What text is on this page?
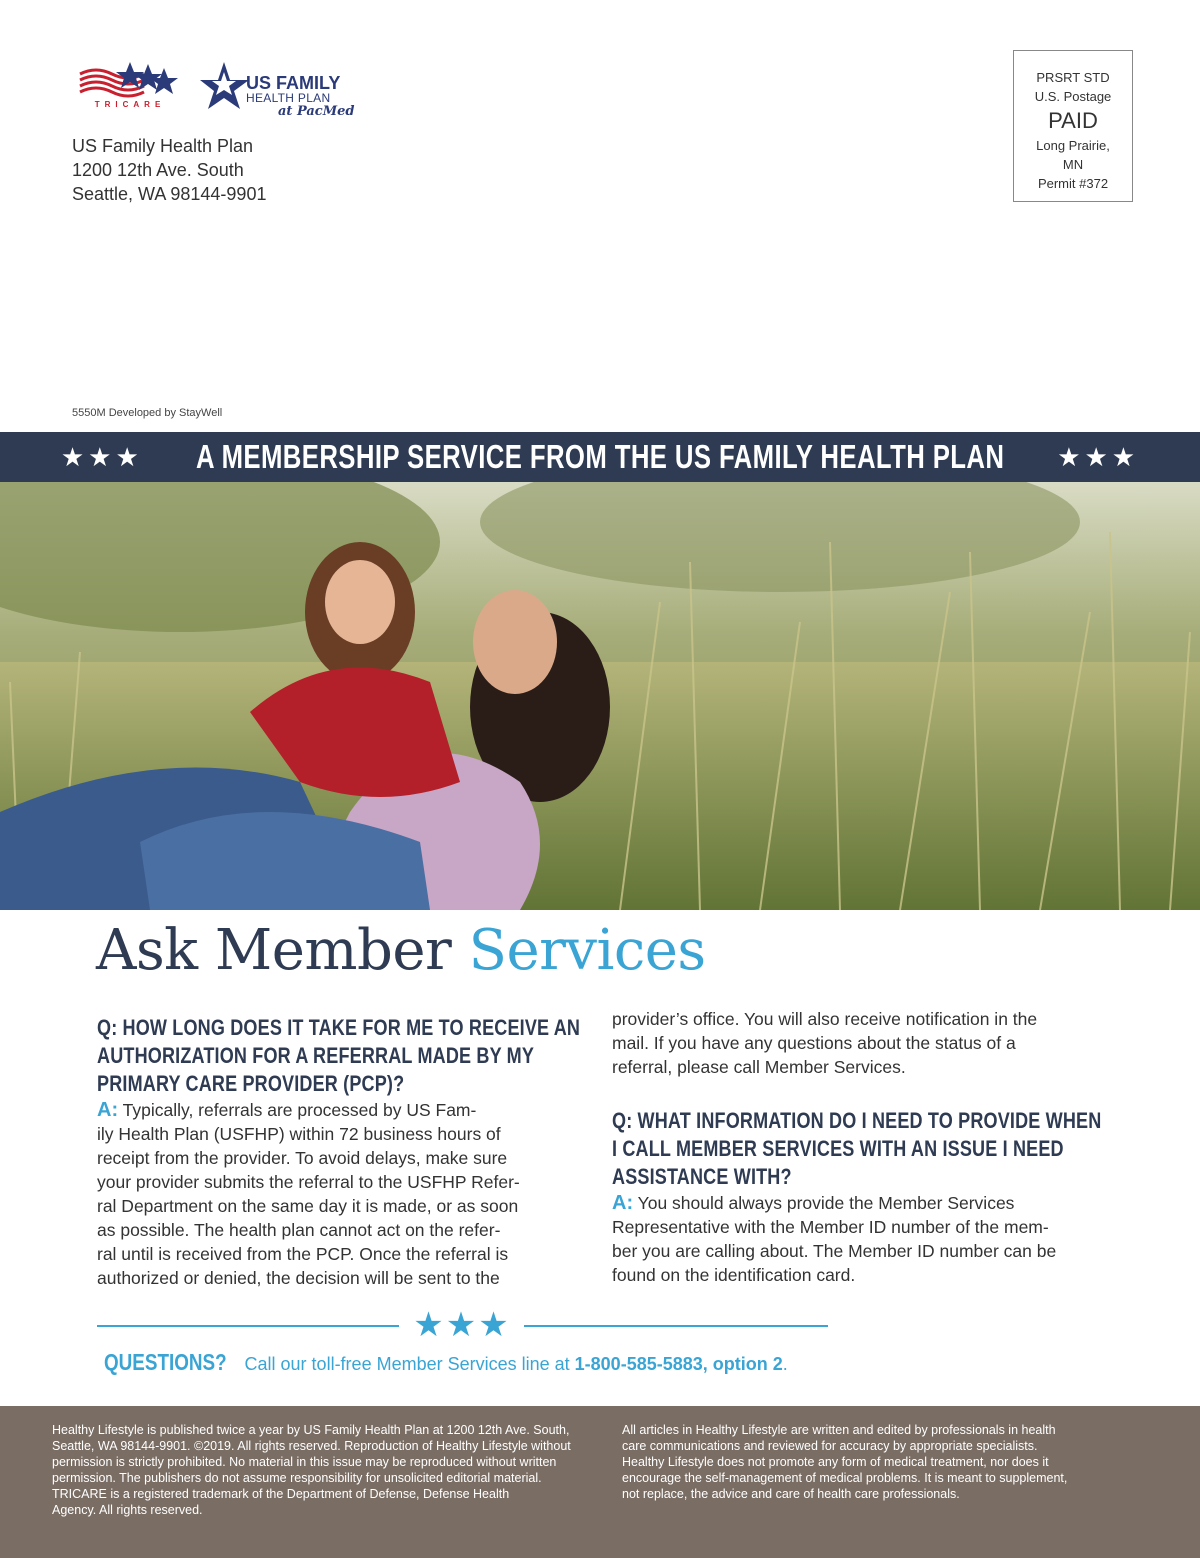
TRICARE
US FAMILY
HEALTH PLAN
at PacMed
US Family Health Plan
1200 12th Ave. South
Seattle, WA 98144-9901
PRSRT STD
U.S. Postage
PAID
Long Prairie,
MN
Permit #372
5550M Developed by StayWell
★★★ A MEMBERSHIP SERVICE FROM THE US FAMILY HEALTH PLAN ★★★
Ask Member Services
Q: HOW LONG DOES IT TAKE FOR ME TO RECEIVE AN
AUTHORIZATION FOR A REFERRAL MADE BY MY
PRIMARY CARE PROVIDER (PCP)?
A: Typically, referrals are processed by US Fam-
ily Health Plan (USFHP) within 72 business hours of
receipt from the provider. To avoid delays, make sure
your provider submits the referral to the USFHP Refer-
ral Department on the same day it is made, or as soon
as possible. The health plan cannot act on the refer-
ral until is received from the PCP. Once the referral is
authorized or denied, the decision will be sent to the
provider’s office. You will also receive notification in the
mail. If you have any questions about the status of a
referral, please call Member Services.
Q: WHAT INFORMATION DO I NEED TO PROVIDE WHEN
I CALL MEMBER SERVICES WITH AN ISSUE I NEED
ASSISTANCE WITH?
A: You should always provide the Member Services
Representative with the Member ID number of the mem-
ber you are calling about. The Member ID number can be
found on the identification card.
★★★
QUESTIONS? Call our toll-free Member Services line at 1-800-585-5883, option 2.
Healthy Lifestyle is published twice a year by US Family Health Plan at 1200 12th Ave. South,
Seattle, WA 98144-9901. ©2019. All rights reserved. Reproduction of Healthy Lifestyle without
permission is strictly prohibited. No material in this issue may be reproduced without written
permission. The publishers do not assume responsibility for unsolicited editorial material.
TRICARE is a registered trademark of the Department of Defense, Defense Health
Agency. All rights reserved.
All articles in Healthy Lifestyle are written and edited by professionals in health
care communications and reviewed for accuracy by appropriate specialists.
Healthy Lifestyle does not promote any form of medical treatment, nor does it
encourage the self-management of medical problems. It is meant to supplement,
not replace, the advice and care of health care professionals.
